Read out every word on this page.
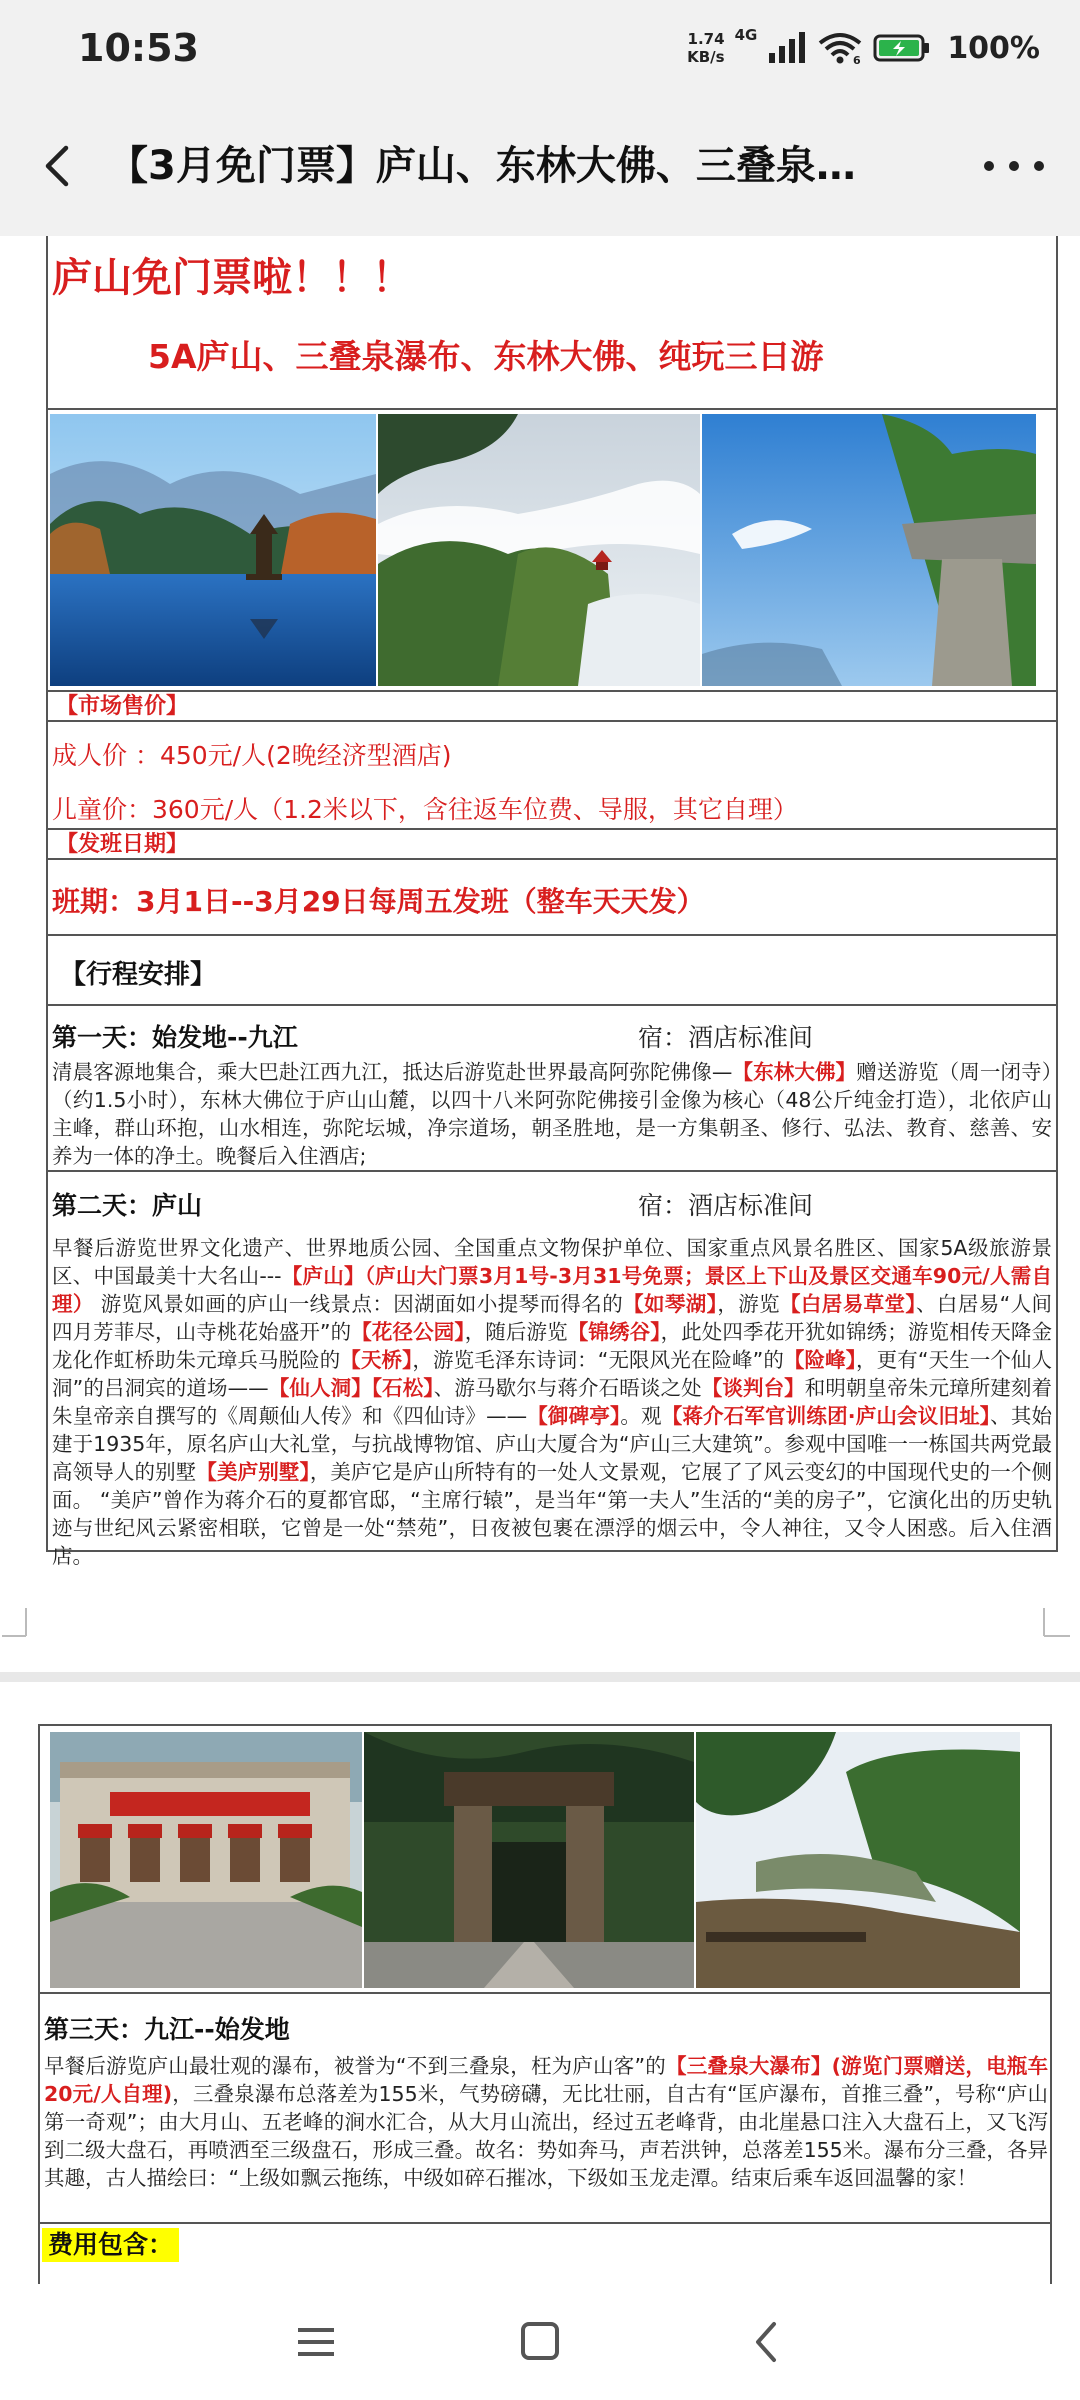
10:53	1.74
KB/s
4G
6	100%
【3月免门票】庐山、东林大佛、三叠泉…
庐山免门票啦！！！
5A庐山、三叠泉瀑布、东林大佛、纯玩三日游
【市场售价】
成人价 ：450元/人(2晚经济型酒店)
儿童价：360元/人（1.2米以下，含往返车位费、导服，其它自理）
【发班日期】
班期：3月1日--3月29日每周五发班（整车天天发）
【行程安排】
第一天：始发地--九江	宿：酒店标准间
清晨客源地集合，乘大巴赴江西九江，抵达后游览赴世界最高阿弥陀佛像—【东林大佛】赠送游览（周一闭寺）（约1.5小时），东林大佛位于庐山山麓，以四十八米阿弥陀佛接引金像为核心（48公斤纯金打造），北依庐山主峰，群山环抱，山水相连，弥陀坛城，净宗道场，朝圣胜地，是一方集朝圣、修行、弘法、教育、慈善、安养为一体的净土。晚餐后入住酒店;
第二天：庐山	宿：酒店标准间
早餐后游览世界文化遗产、世界地质公园、全国重点文物保护单位、国家重点风景名胜区、国家5A级旅游景区、中国最美十大名山---【庐山】（庐山大门票3月1号-3月31号免票；景区上下山及景区交通车90元/人需自理） 游览风景如画的庐山一线景点：因湖面如小提琴而得名的【如琴湖】，游览【白居易草堂】、白居易“人间四月芳菲尽，山寺桃花始盛开”的【花径公园】，随后游览【锦绣谷】，此处四季花开犹如锦绣；游览相传天降金龙化作虹桥助朱元璋兵马脱险的【天桥】，游览毛泽东诗词：“无限风光在险峰”的【险峰】，更有“天生一个仙人洞”的吕洞宾的道场——【仙人洞】【石松】、游马歇尔与蒋介石晤谈之处【谈判台】和明朝皇帝朱元璋所建刻着朱皇帝亲自撰写的《周颠仙人传》和《四仙诗》——【御碑亭】。观【蒋介石军官训练团·庐山会议旧址】、其始建于1935年，原名庐山大礼堂，与抗战博物馆、庐山大厦合为“庐山三大建筑”。参观中国唯一一栋国共两党最高领导人的别墅【美庐别墅】，美庐它是庐山所特有的一处人文景观，它展了了风云变幻的中国现代史的一个侧面。 “美庐”曾作为蒋介石的夏都官邸，“主席行辕”，是当年“第一夫人”生活的“美的房子”，它演化出的历史轨迹与世纪风云紧密相联，它曾是一处“禁苑”，日夜被包裹在漂浮的烟云中，令人神往，又令人困惑。后入住酒店。
第三天：九江--始发地
早餐后游览庐山最壮观的瀑布，被誉为“不到三叠泉，枉为庐山客”的【三叠泉大瀑布】(游览门票赠送，电瓶车20元/人自理)，三叠泉瀑布总落差为155米，气势磅礴，无比壮丽，自古有“匡庐瀑布，首推三叠”，号称“庐山第一奇观”；由大月山、五老峰的涧水汇合，从大月山流出，经过五老峰背，由北崖悬口注入大盘石上，又飞泻到二级大盘石，再喷洒至三级盘石，形成三叠。故名：势如奔马，声若洪钟，总落差155米。瀑布分三叠，各异其趣，古人描绘曰：“上级如飘云拖练，中级如碎石摧冰，下级如玉龙走潭。结束后乘车返回温馨的家！
费用包含：
